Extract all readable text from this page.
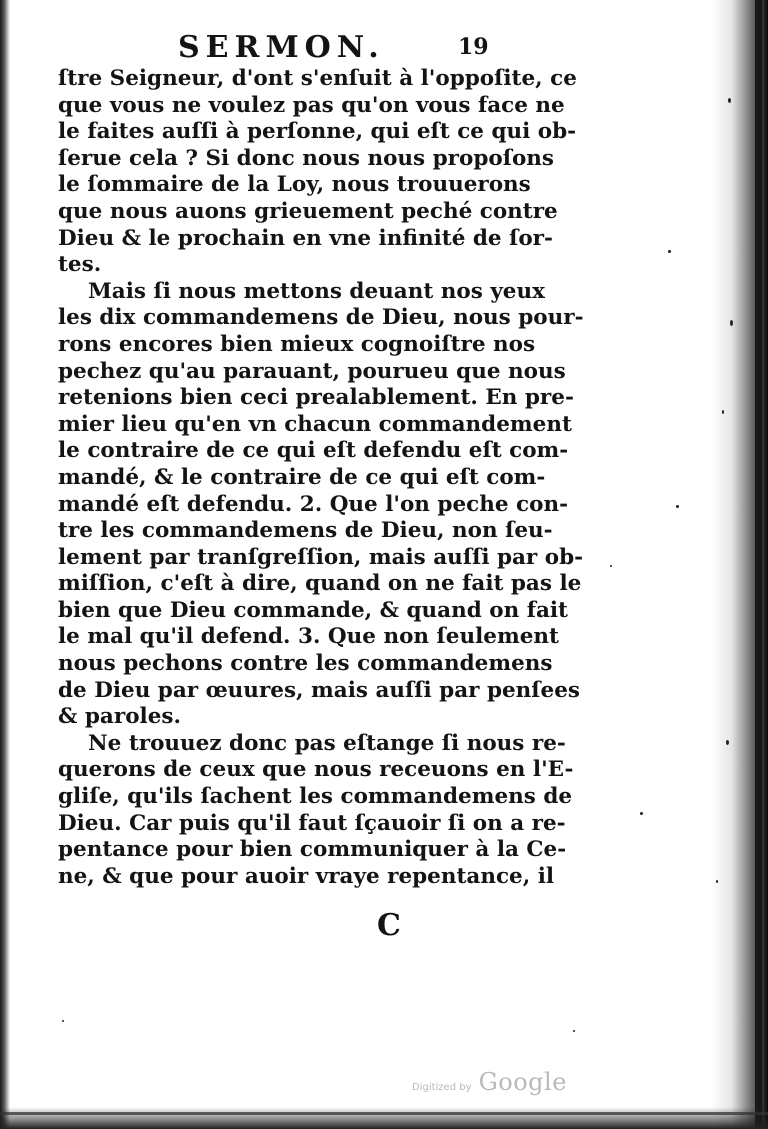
SERMON.	19
ſtre Seigneur, d'ont s'enſuit à l'oppoſite, ce
que vous ne voulez pas qu'on vous face ne
le faites auſſi à perſonne, qui eſt ce qui ob-
ſerue cela ? Si donc nous nous propoſons
le ſommaire de la Loy, nous trouuerons
que nous auons grieuement peché contre
Dieu & le prochain en vne infinité de ſor-
tes.
Mais ſi nous mettons deuant nos yeux
les dix commandemens de Dieu, nous pour-
rons encores bien mieux cognoiſtre nos
pechez qu'au parauant, pourueu que nous
retenions bien ceci prealablement. En pre-
mier lieu qu'en vn chacun commandement
le contraire de ce qui eſt defendu eſt com-
mandé, & le contraire de ce qui eſt com-
mandé eſt defendu. 2. Que l'on peche con-
tre les commandemens de Dieu, non ſeu-
lement par tranſgreſſion, mais auſſi par ob-
miſſion, c'eſt à dire, quand on ne fait pas le
bien que Dieu commande, & quand on fait
le mal qu'il defend. 3. Que non ſeulement
nous pechons contre les commandemens
de Dieu par œuures, mais auſſi par penſees
& paroles.
Ne trouuez donc pas eſtange ſi nous re-
querons de ceux que nous receuons en l'E-
gliſe, qu'ils ſachent les commandemens de
Dieu. Car puis qu'il faut ſçauoir ſi on a re-
pentance pour bien communiquer à la Ce-
ne, & que pour auoir vraye repentance, il
C
Digitized by Google
